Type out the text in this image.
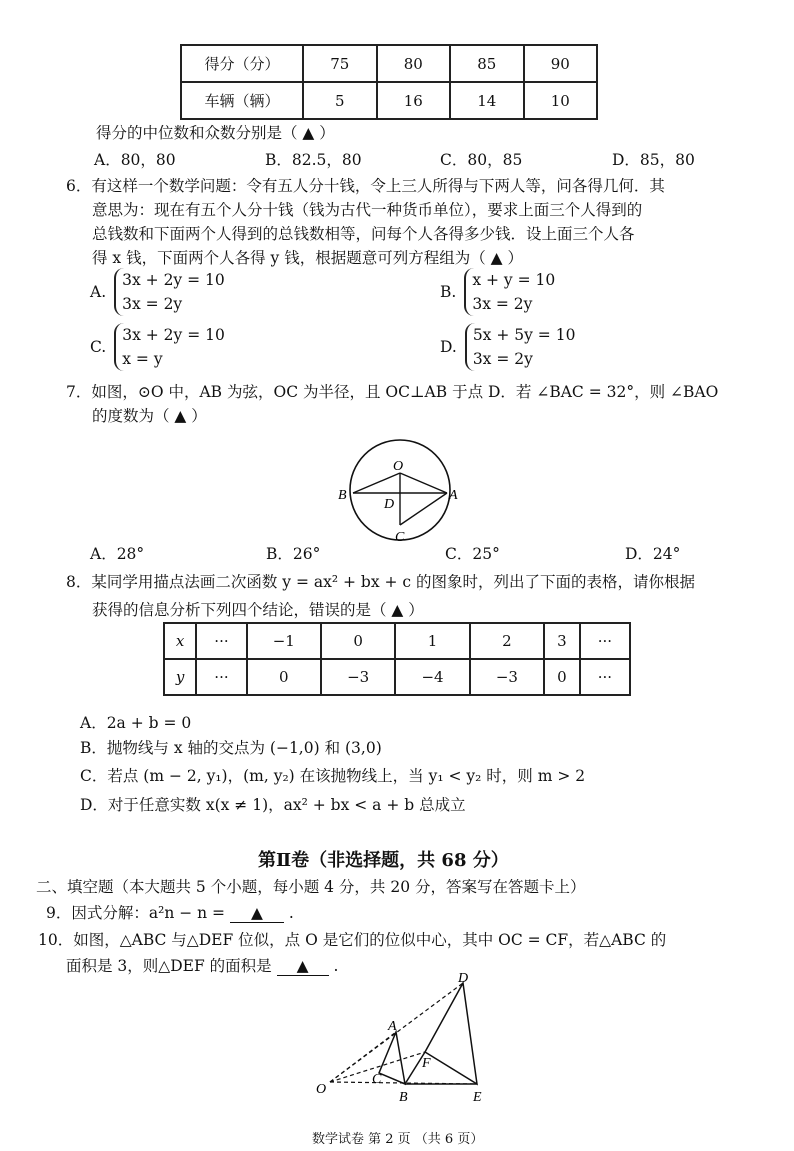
得分（分）	75	80	85	90
车辆（辆）	5	16	14	10
得分的中位数和众数分别是（ ▲ ）
A．80，80	B．82.5，80	C．80，85	D．85，80
6．有这样一个数学问题：令有五人分十钱，令上三人所得与下两人等，问各得几何．其
意思为：现在有五个人分十钱（钱为古代一种货币单位），要求上面三个人得到的
总钱数和下面两个人得到的总钱数相等，问每个人各得多少钱．设上面三个人各
得 x 钱，下面两个人各得 y 钱，根据题意可列方程组为（ ▲ ）
A.
3x + 2y = 10
3x = 2y
B.
x + y = 10
3x = 2y
C.
3x + 2y = 10
x = y
D.
5x + 5y = 10
3x = 2y
7．如图，⊙O 中，AB 为弦，OC 为半径，且 OC⊥AB 于点 D．若 ∠BAC = 32°，则 ∠BAO
的度数为（ ▲ ）
O
B	A
D
C
A．28°	B．26°	C．25°	D．24°
8．某同学用描点法画二次函数 y = ax² + bx + c 的图象时，列出了下面的表格，请你根据
获得的信息分析下列四个结论，错误的是（ ▲ ）
x	···	−1	0	1	2	3	···
y	···	0	−3	−4	−3	0	···
A．2a + b = 0
B．抛物线与 x 轴的交点为 (−1,0) 和 (3,0)
C．若点 (m − 2, y₁)，(m, y₂) 在该抛物线上，当 y₁ < y₂ 时，则 m > 2
D．对于任意实数 x(x ≠ 1)，ax² + bx < a + b 总成立
第Ⅱ卷（非选择题，共 68 分）
二、填空题（本大题共 5 个小题，每小题 4 分，共 20 分，答案写在答题卡上）
9．因式分解：a²n − n = ▲ .
10．如图，△ABC 与△DEF 位似，点 O 是它们的位似中心，其中 OC = CF，若△ABC 的
面积是 3，则△DEF 的面积是 ▲ .
O
A
C
B
D
F
E
数学试卷 第 2 页 （共 6 页）
